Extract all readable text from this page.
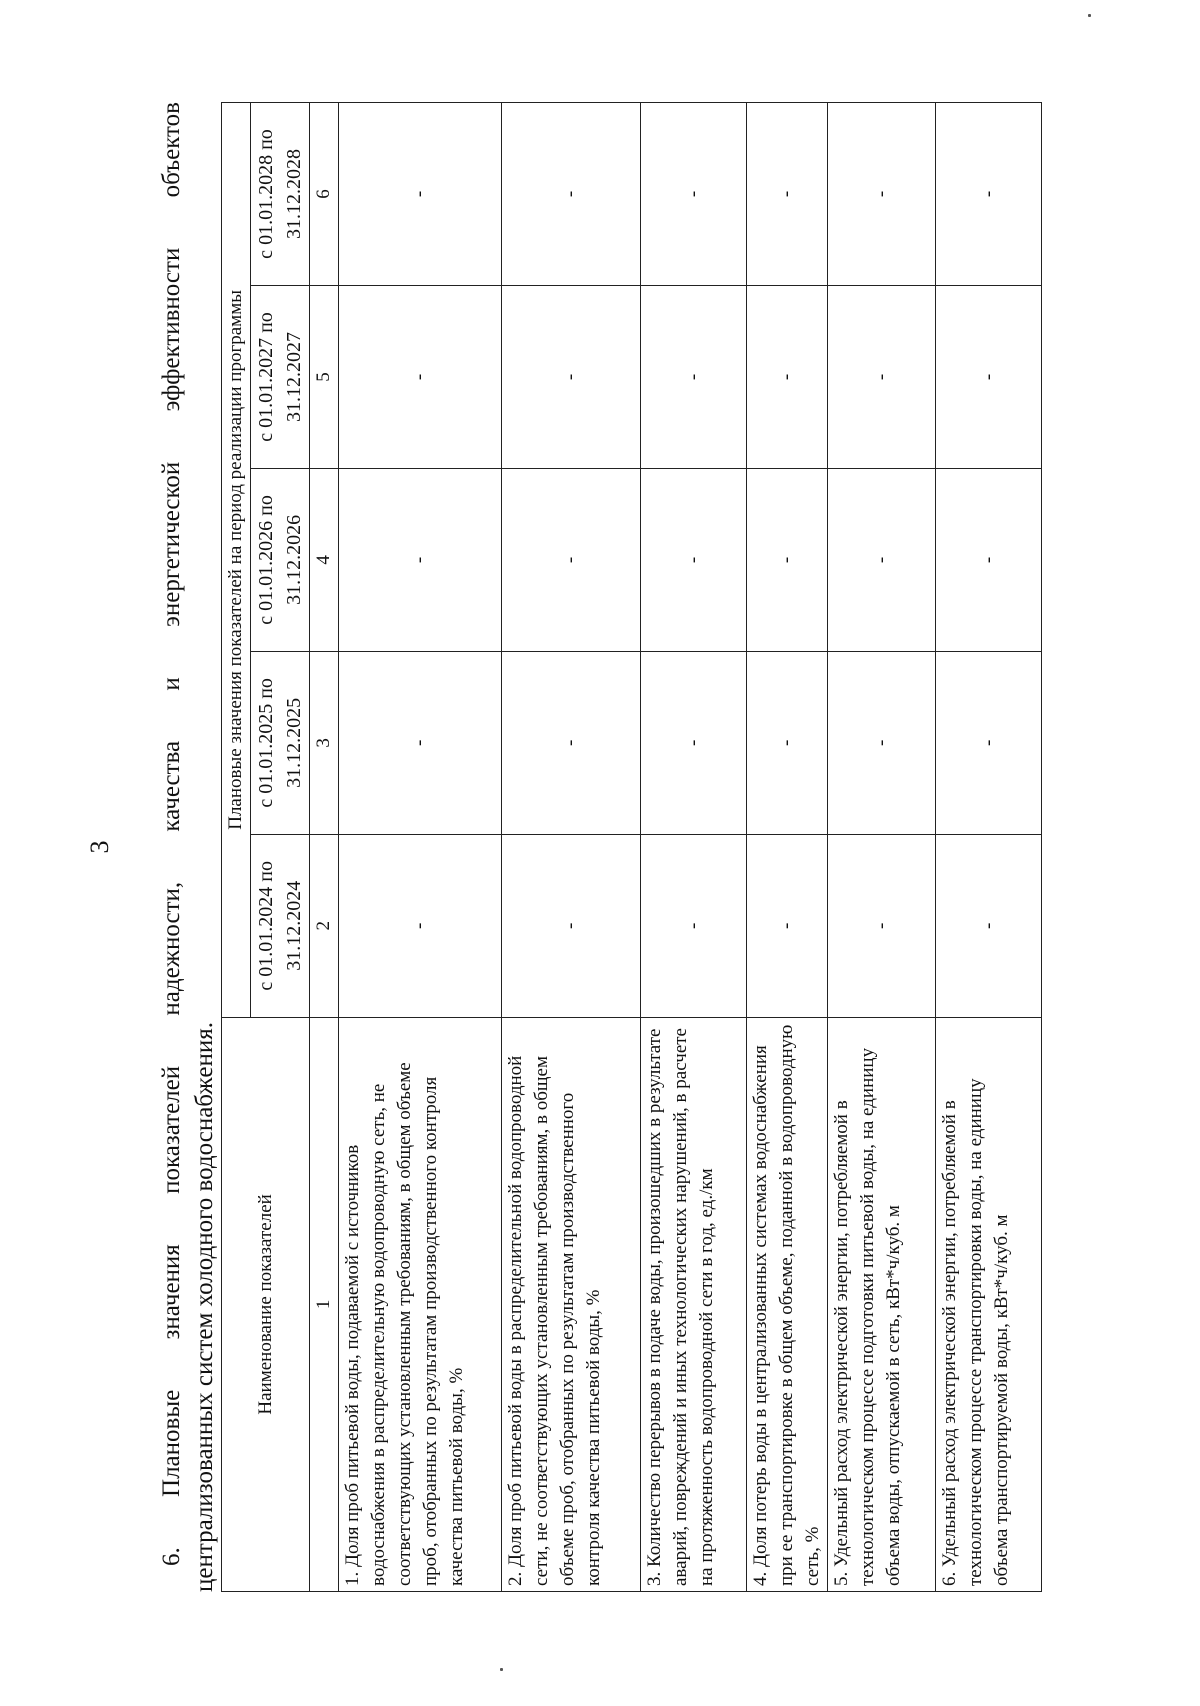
3
6.
Плановые
значения
показателей
надежности,
качества
и
энергетической
эффективности
объектов
централизованных систем холодного водоснабжения. Наименование показателей	Плановые значения показателей на период реализации программы				
	с 01.01.2024 по 31.12.2024	с 01.01.2025 по 31.12.2025	с 01.01.2026 по 31.12.2026	с 01.01.2027 по 31.12.2027	с 01.01.2028 по 31.12.2028
1	2	3	4	5	6
1. Доля проб питьевой воды, подаваемой с источников водоснабжения в распределительную водопроводную сеть, не соответствующих установленным требованиям, в общем объеме проб, отобранных по результатам производственного контроля качества питьевой воды, %	-	-	-	-	-
2. Доля проб питьевой воды в распределительной водопроводной сети, не соответствующих установленным требованиям, в общем объеме проб, отобранных по результатам производственного контроля качества питьевой воды, %	-	-	-	-	-
3. Количество перерывов в подаче воды, произошедших в результате аварий, повреждений и иных технологических нарушений, в расчете на протяженность водопроводной сети в год, ед./км	-	-	-	-	-
4. Доля потерь воды в централизованных системах водоснабжения при ее транспортировке в общем объеме, поданной в водопроводную сеть, %	-	-	-	-	-
5. Удельный расход электрической энергии, потребляемой в технологическом процессе подготовки питьевой воды, на единицу объема воды, отпускаемой в сеть, кВт*ч/куб. м	-	-	-	-	-
6. Удельный расход электрической энергии, потребляемой в технологическом процессе транспортировки воды, на единицу объема транспортируемой воды, кВт*ч/куб. м	-	-	-	-	-
